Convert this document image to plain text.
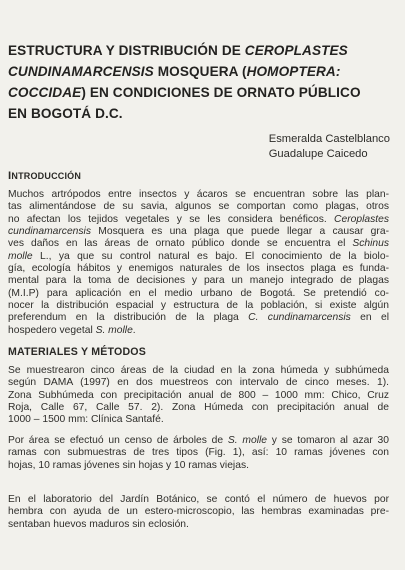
ESTRUCTURA Y DISTRIBUCIÓN DE CEROPLASTES
CUNDINAMARCENSIS MOSQUERA (HOMOPTERA:
COCCIDAE) EN CONDICIONES DE ORNATO PÚBLICO
EN BOGOTÁ D.C.
Esmeralda Castelblanco
Guadalupe Caicedo
INTRODUCCIÓN
Muchos artrópodos entre insectos y ácaros se encuentran sobre las plan-
tas alimentándose de su savia, algunos se comportan como plagas, otros
no afectan los tejidos vegetales y se les considera benéficos. Ceroplastes
cundinamarcensis Mosquera es una plaga que puede llegar a causar gra-
ves daños en las áreas de ornato público donde se encuentra el Schinus
molle L., ya que su control natural es bajo. El conocimiento de la biolo-
gía, ecología hábitos y enemigos naturales de los insectos plaga es funda-
mental para la toma de decisiones y para un manejo integrado de plagas
(M.I.P) para aplicación en el medio urbano de Bogotá. Se pretendió co-
nocer la distribución espacial y estructura de la población, si existe algún
preferendum en la distribución de la plaga C. cundinamarcensis en el
hospedero vegetal S. molle.
MATERIALES Y MÉTODOS
Se muestrearon cinco áreas de la ciudad en la zona húmeda y subhúmeda
según DAMA (1997) en dos muestreos con intervalo de cinco meses. 1).
Zona Subhúmeda con precipitación anual de 800 – 1000 mm: Chico, Cruz
Roja, Calle 67, Calle 57. 2). Zona Húmeda con precipitación anual de
1000 – 1500 mm: Clínica Santafé.
Por área se efectuó un censo de árboles de S. molle y se tomaron al azar 30
ramas con submuestras de tres tipos (Fig. 1), así: 10 ramas jóvenes con
hojas, 10 ramas jóvenes sin hojas y 10 ramas viejas.
En el laboratorio del Jardín Botánico, se contó el número de huevos por
hembra con ayuda de un estero-microscopio, las hembras examinadas pre-
sentaban huevos maduros sin eclosión.
